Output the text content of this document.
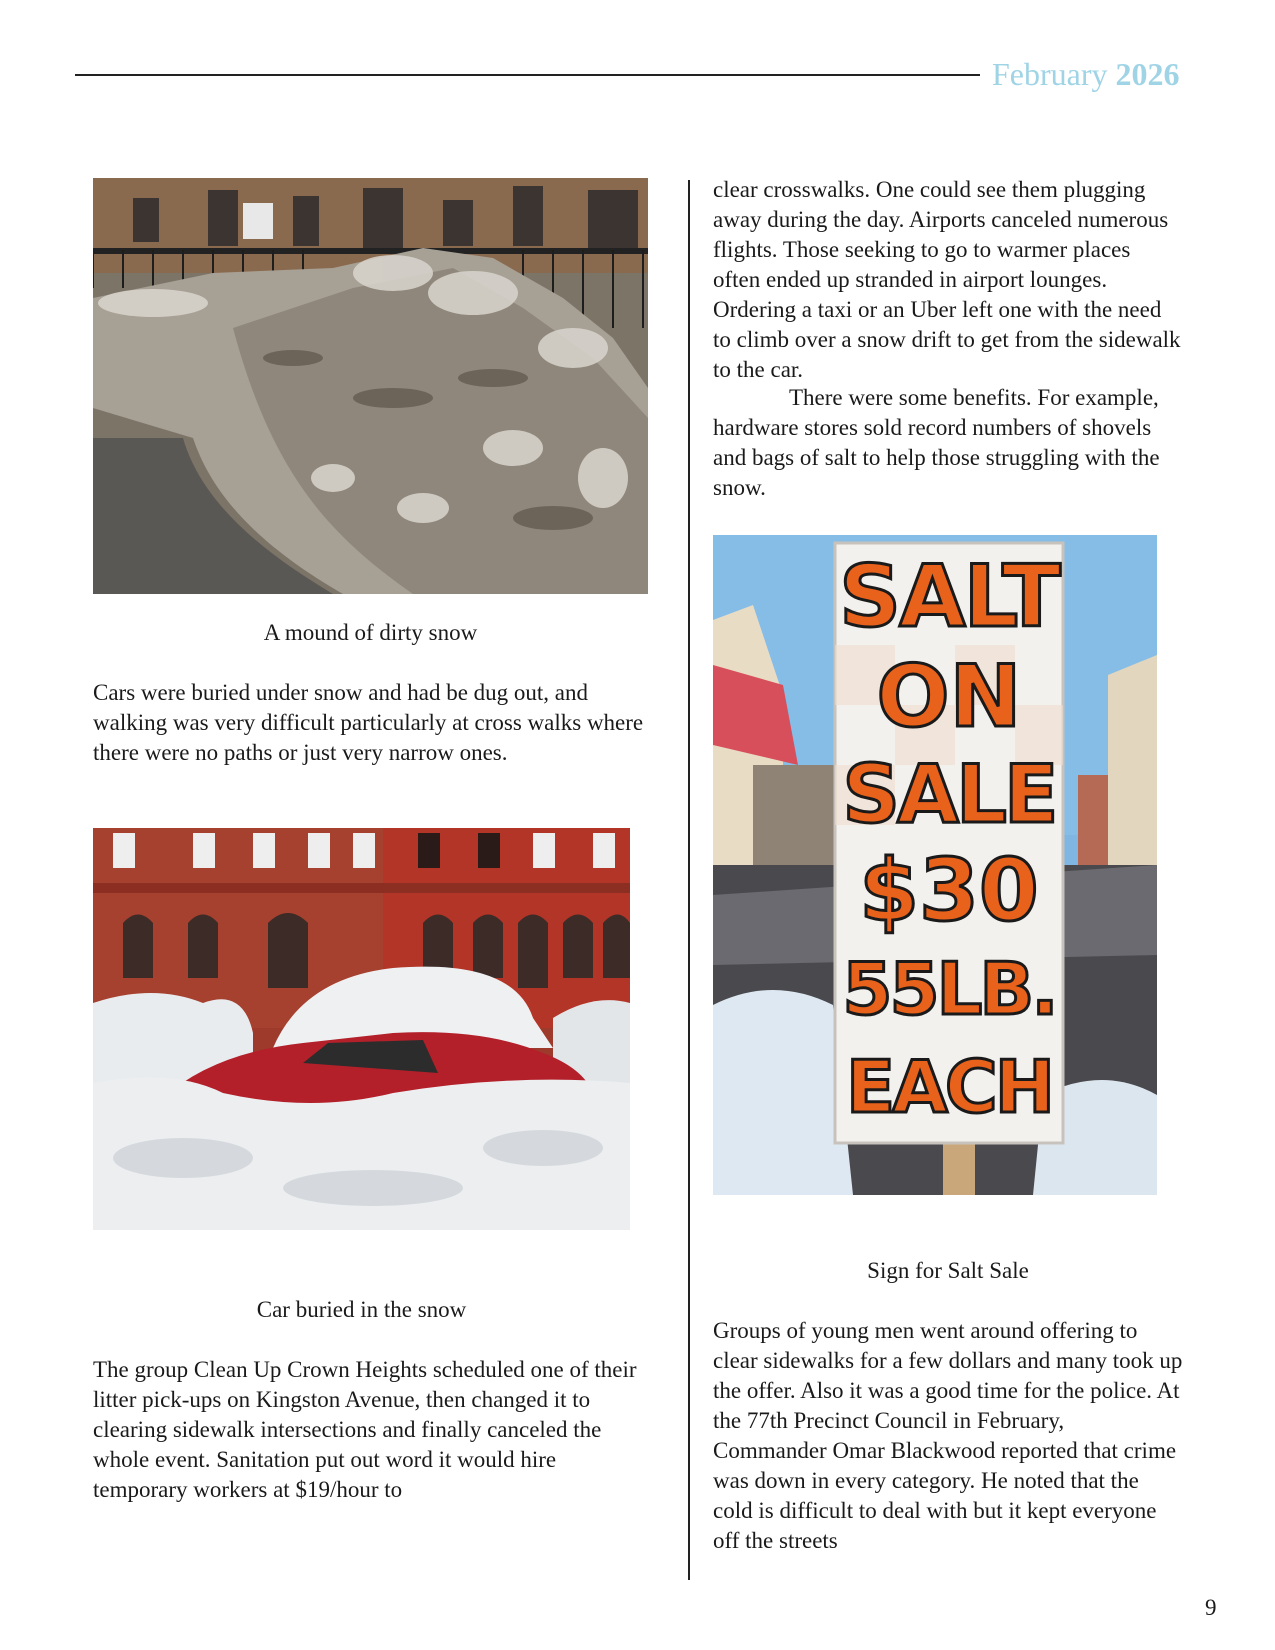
February 2026
A mound of dirty snow

Cars were buried under snow and had be dug out, and walking was very difficult particularly at cross walks where there were no paths or just very narrow ones.

Car buried in the snow

The group Clean Up Crown Heights scheduled one of their litter pick-ups on Kingston Avenue, then changed it to clearing sidewalk intersections and finally canceled the whole event. Sanitation put out word it would hire temporary workers at $19/hour to

clear crosswalks. One could see them plugging away during the day. Airports canceled numerous flights. Those seeking to go to warmer places often ended up stranded in airport lounges. Ordering a taxi or an Uber left one with the need to climb over a snow drift to get from the sidewalk to the car.

There were some benefits. For example, hardware stores sold record numbers of shovels and bags of salt to help those struggling with the snow.

SALT
ON
SALE
$30
55LB.
EACH
Sign for Salt Sale

Groups of young men went around offering to clear sidewalks for a few dollars and many took up the offer. Also it was a good time for the police. At the 77th Precinct Council in February, Commander Omar Blackwood reported that crime was down in every category. He noted that the cold is difficult to deal with but it kept everyone off the streets

9
